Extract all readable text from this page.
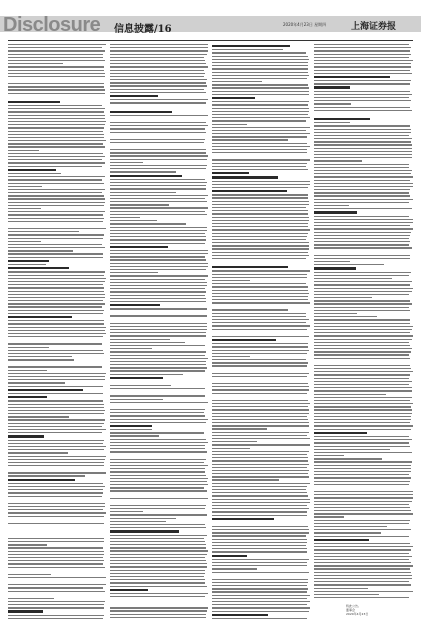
Disclosure 信息披露/16	2020年4月23日 星期四	上海证券报
特此公告。
董事会
2020年4月23日
